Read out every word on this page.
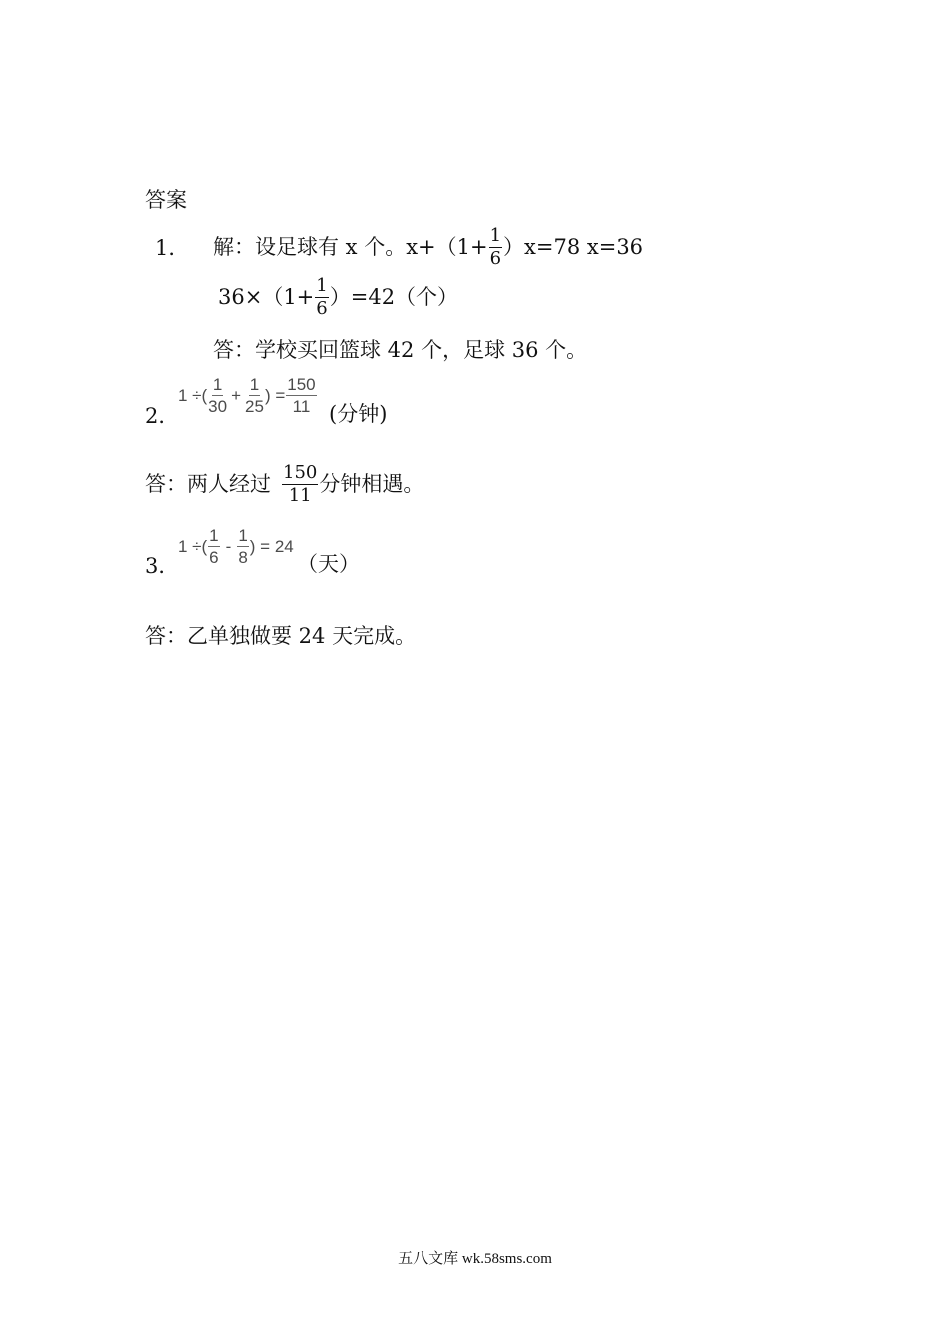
答案
1． 解：设足球有 x 个。$x+(1+ \frac{1}{6} )x=78$ x=36
$36\times(1+ \frac{1}{6} )=42$（个）
答：学校买回篮球 42 个，足球 36 个。
2．
1 ÷( $\frac{1}{30} + \frac{1}{25}$ ) = $\frac{150}{11}$ (分钟)
答：两人经过 $\frac{150}{11}$ 分钟相遇。
3．
1 ÷( $\frac{1}{6} - \frac{1}{8}$ ) = 24
（天）
答：乙单独做要 24 天完成。
五八文库 wk.58sms.com
